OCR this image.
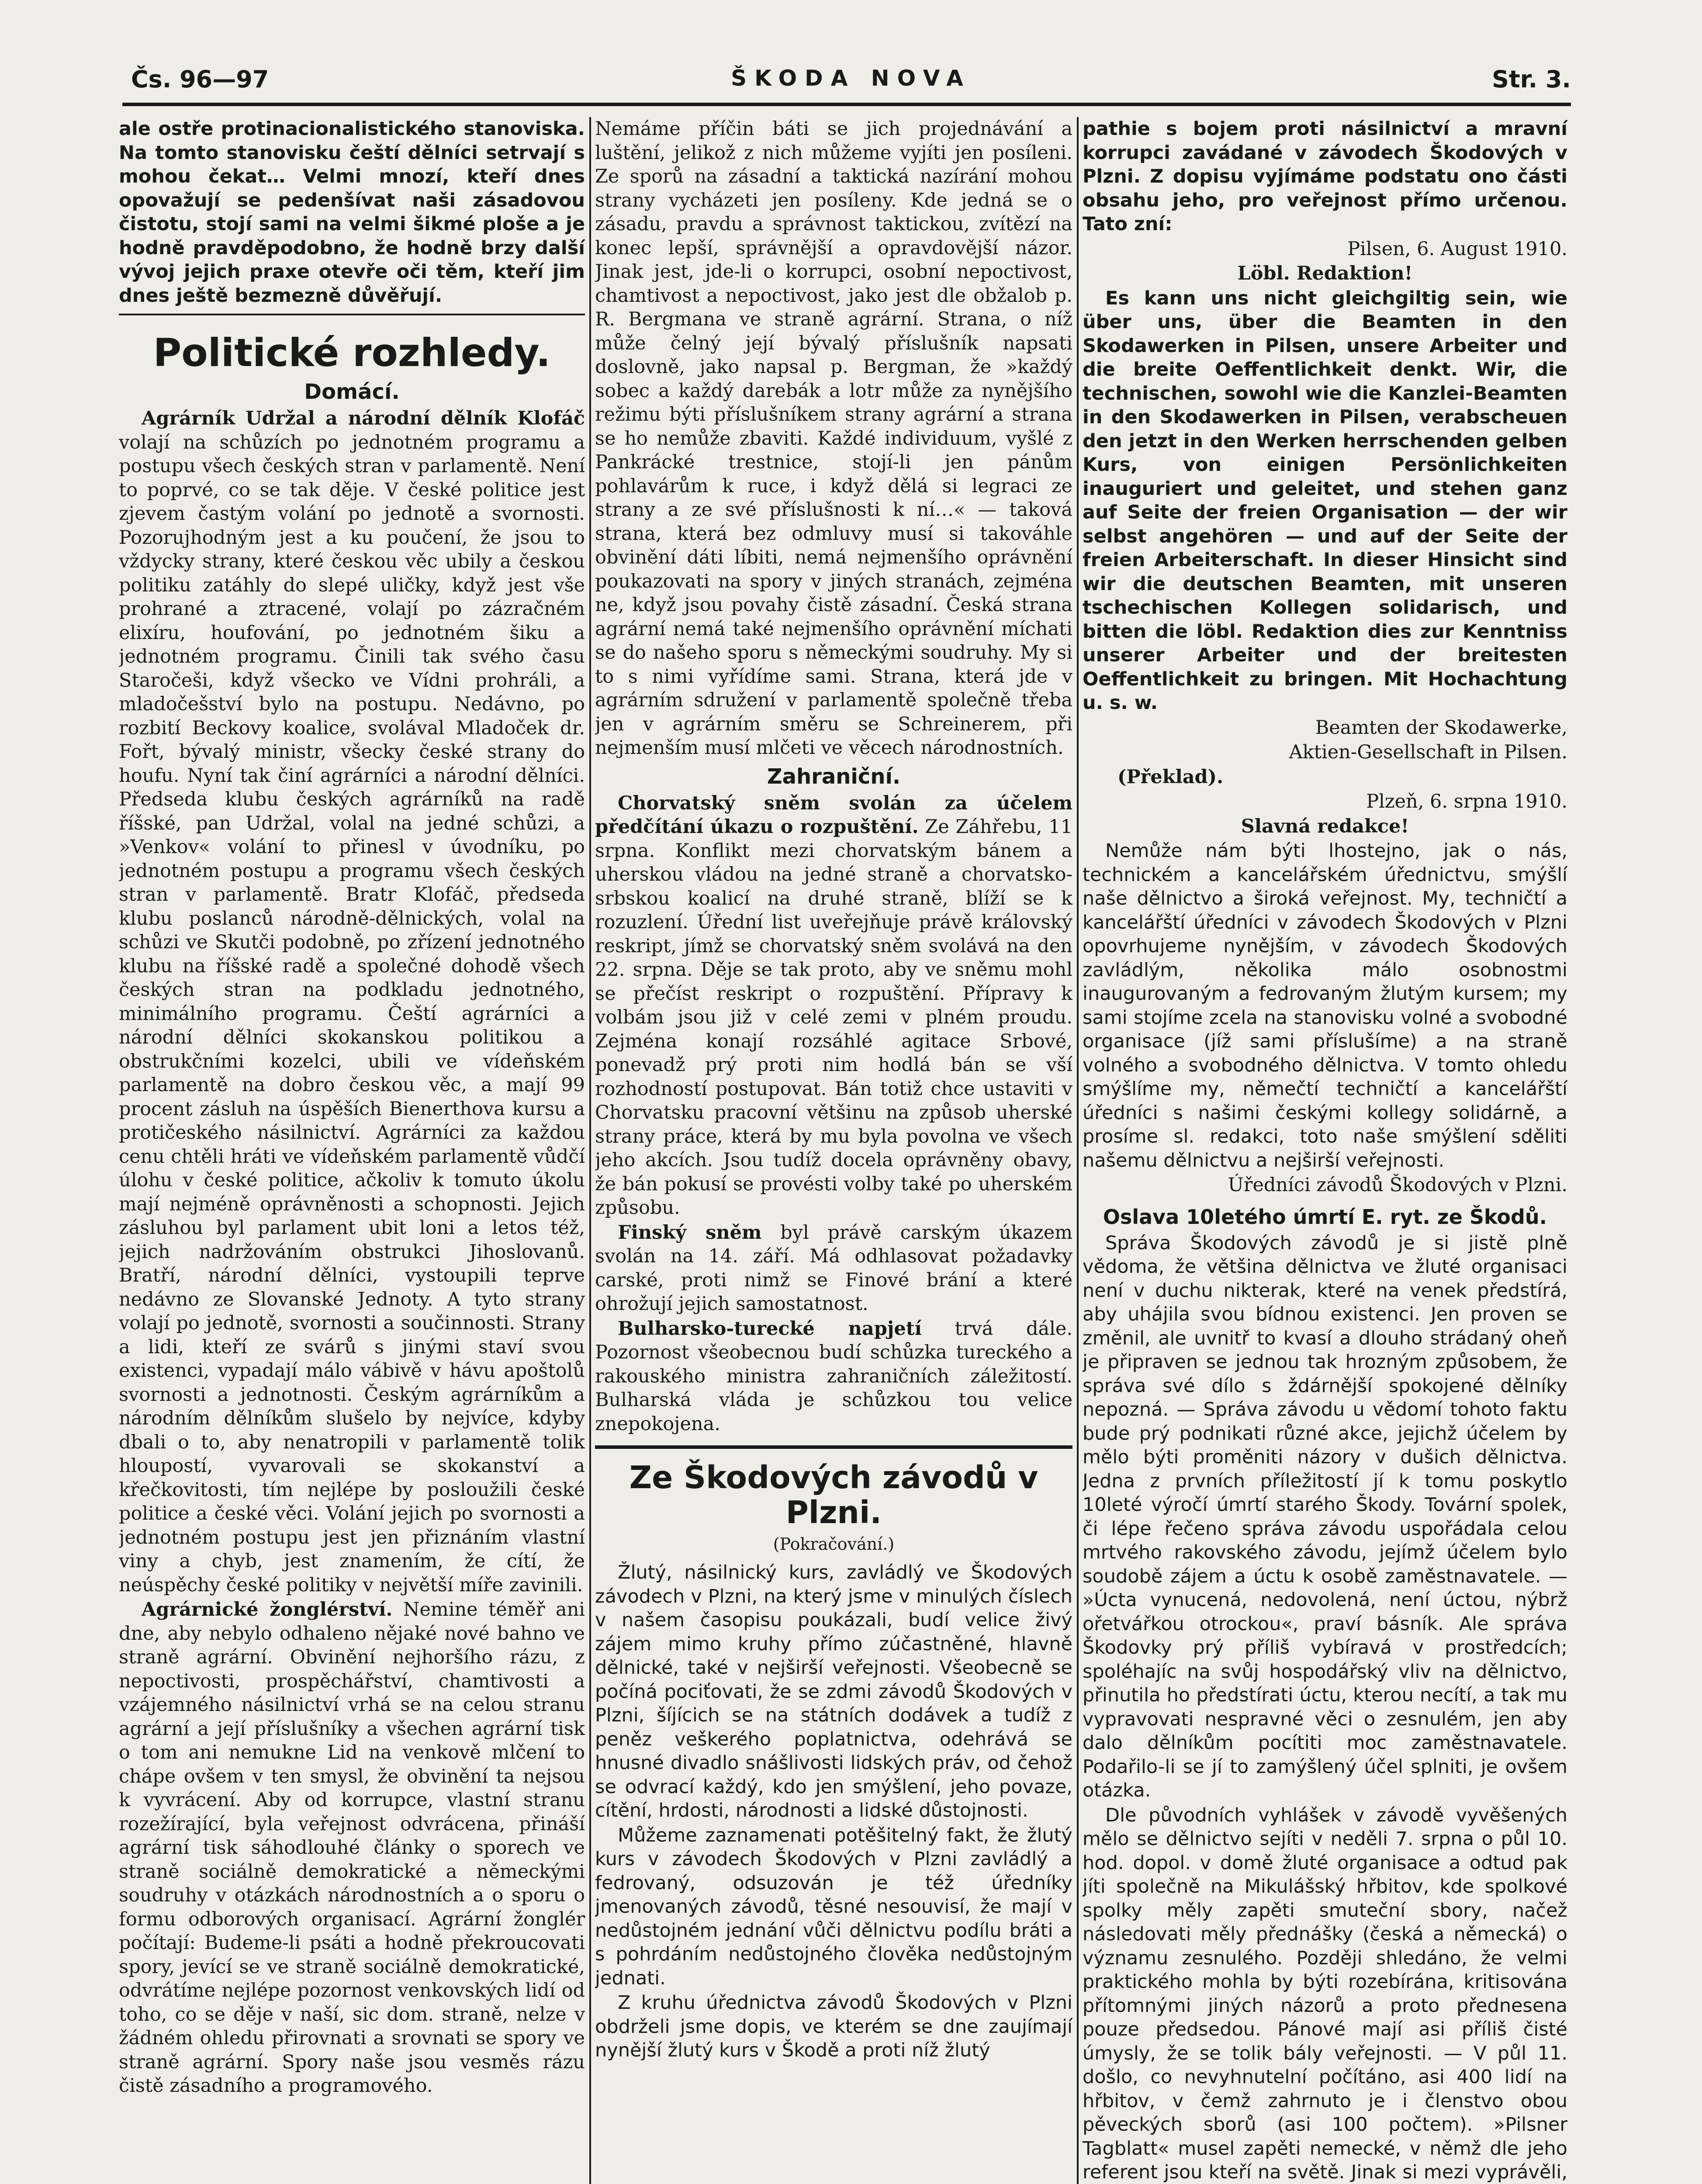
Čs. 96—97	ŠKODA NOVA	Str. 3.

ale ostře protinacionalistického stanoviska. Na tomto stanovisku čeští dělníci setrvají s mohou čekat… Velmi mnozí, kteří dnes opovažují se pedenšívat naši zásadovou čistotu, stojí sami na velmi šikmé ploše a je hodně pravděpodobno, že hodně brzy další vývoj jejich praxe otevře oči těm, kteří jim dnes ještě bezmezně důvěřují.

Politické rozhledy.
Domácí.

Agrárník Udržal a národní dělník Klofáč volají na schůzích po jednotném programu a postupu všech českých stran v parlamentě. Není to poprvé, co se tak děje. V české politice jest zjevem častým volání po jednotě a svornosti. Pozorujhodným jest a ku poučení, že jsou to vždycky strany, které českou věc ubily a českou politiku zatáhly do slepé uličky, když jest vše prohrané a ztracené, volají po zázračném elixíru, houfování, po jednotném šiku a jednotném programu. Činili tak svého času Staročeši, když všecko ve Vídni prohráli, a mladočešství bylo na postupu. Nedávno, po rozbití Beckovy koalice, svolával Mladoček dr. Fořt, bývalý ministr, všecky české strany do houfu. Nyní tak činí agrárníci a národní dělníci. Předseda klubu českých agrárníků na radě říšské, pan Udržal, volal na jedné schůzi, a »Venkov« volání to přinesl v úvodníku, po jednotném postupu a programu všech českých stran v parlamentě. Bratr Klofáč, předseda klubu poslanců národně-dělnických, volal na schůzi ve Skutči podobně, po zřízení jednotného klubu na říšské radě a společné dohodě všech českých stran na podkladu jednotného, minimálního programu. Čeští agrárníci a národní dělníci skokanskou politikou a obstrukčními kozelci, ubili ve vídeňském parlamentě na dobro českou věc, a mají 99 procent zásluh na úspěších Bienerthova kursu a protičeského násilnictví. Agrárníci za každou cenu chtěli hráti ve vídeňském parlamentě vůdčí úlohu v české politice, ačkoliv k tomuto úkolu mají nejméně oprávněnosti a schopnosti. Jejich zásluhou byl parlament ubit loni a letos též, jejich nadržováním obstrukci Jihoslovanů. Bratří, národní dělníci, vystoupili teprve nedávno ze Slovanské Jednoty. A tyto strany volají po jednotě, svornosti a součinnosti. Strany a lidi, kteří ze svárů s jinými staví svou existenci, vypadají málo vábivě v hávu apoštolů svornosti a jednotnosti. Českým agrárníkům a národním dělníkům slušelo by nejvíce, kdyby dbali o to, aby nenatropili v parlamentě tolik hloupostí, vyvarovali se skokanství a křečkovitosti, tím nejlépe by posloužili české politice a české věci. Volání jejich po svornosti a jednotném postupu jest jen přiznáním vlastní viny a chyb, jest znamením, že cítí, že neúspěchy české politiky v největší míře zavinili.

Agrárnické žonglérství. Nemine téměř ani dne, aby nebylo odhaleno nějaké nové bahno ve straně agrární. Obvinění nejhoršího rázu, z nepoctivosti, prospěchářství, chamtivosti a vzájemného násilnictví vrhá se na celou stranu agrární a její příslušníky a všechen agrární tisk o tom ani nemukne Lid na venkově mlčení to chápe ovšem v ten smysl, že obvinění ta nejsou k vyvrácení. Aby od korrupce, vlastní stranu rozežírající, byla veřejnost odvrácena, přináší agrární tisk sáhodlouhé články o sporech ve straně sociálně demokratické a německými soudruhy v otázkách národnostních a o sporu o formu odborových organisací. Agrární žonglér počítají: Budeme-li psáti a hodně překroucovati spory, jevící se ve straně sociálně demokratické, odvrátíme nejlépe pozornost venkovských lidí od toho, co se děje v naší, sic dom. straně, nelze v žádném ohledu přirovnati a srovnati se spory ve straně agrární. Spory naše jsou vesměs rázu čistě zásadního a programového.

Nemáme příčin báti se jich projednávání a luštění, jelikož z nich můžeme vyjíti jen posíleni. Ze sporů na zásadní a taktická nazírání mohou strany vycházeti jen posíleny. Kde jedná se o zásadu, pravdu a správnost taktickou, zvítězí na konec lepší, správnější a opravdovější názor. Jinak jest, jde-li o korrupci, osobní nepoctivost, chamtivost a nepoctivost, jako jest dle obžalob p. R. Bergmana ve straně agrární. Strana, o níž může čelný její bývalý příslušník napsati doslovně, jako napsal p. Bergman, že »každý sobec a každý darebák a lotr může za nynějšího režimu býti příslušníkem strany agrární a strana se ho nemůže zbaviti. Každé individuum, vyšlé z Pankrácké trestnice, stojí-li jen pánům pohlavárům k ruce, i když dělá si legraci ze strany a ze své příslušnosti k ní…« — taková strana, která bez odmluvy musí si takováhle obvinění dáti líbiti, nemá nejmenšího oprávnění poukazovati na spory v jiných stranách, zejména ne, když jsou povahy čistě zásadní. Česká strana agrární nemá také nejmenšího oprávnění míchati se do našeho sporu s německými soudruhy. My si to s nimi vyřídíme sami. Strana, která jde v agrárním sdružení v parlamentě společně třeba jen v agrárním směru se Schreinerem, při nejmenším musí mlčeti ve věcech národnostních.

Zahraniční.

Chorvatský sněm svolán za účelem předčítání úkazu o rozpuštění. Ze Záhřebu, 11 srpna. Konflikt mezi chorvatským bánem a uherskou vládou na jedné straně a chorvatsko-srbskou koalicí na druhé straně, blíží se k rozuzlení. Úřední list uveřejňuje právě královský reskript, jímž se chorvatský sněm svolává na den 22. srpna. Děje se tak proto, aby ve sněmu mohl se přečíst reskript o rozpuštění. Přípravy k volbám jsou již v celé zemi v plném proudu. Zejména konají rozsáhlé agitace Srbové, ponevadž prý proti nim hodlá bán se vší rozhodností postupovat. Bán totiž chce ustaviti v Chorvatsku pracovní většinu na způsob uherské strany práce, která by mu byla povolna ve všech jeho akcích. Jsou tudíž docela oprávněny obavy, že bán pokusí se provésti volby také po uherském způsobu.

Finský sněm byl právě carským úkazem svolán na 14. září. Má odhlasovat požadavky carské, proti nimž se Finové brání a které ohrožují jejich samostatnost.

Bulharsko-turecké napjetí trvá dále. Pozornost všeobecnou budí schůzka tureckého a rakouského ministra zahraničních záležitostí. Bulharská vláda je schůzkou tou velice znepokojena.

Ze Škodových závodů v Plzni.
(Pokračování.)

Žlutý, násilnický kurs, zavládlý ve Škodových závodech v Plzni, na který jsme v minulých číslech v našem časopisu poukázali, budí velice živý zájem mimo kruhy přímo zúčastněné, hlavně dělnické, také v nejširší veřejnosti. Všeobecně se počíná pociťovati, že se zdmi závodů Škodových v Plzni, šíjícich se na státních dodávek a tudíž z peněz veškerého poplatnictva, odehrává se hnusné divadlo snášlivosti lidských práv, od čehož se odvrací každý, kdo jen smýšlení, jeho povaze, cítění, hrdosti, národnosti a lidské důstojnosti.

Můžeme zaznamenati potěšitelný fakt, že žlutý kurs v závodech Škodových v Plzni zavládlý a fedrovaný, odsuzován je též úředníky jmenovaných závodů, těsné nesouvisí, že mají v nedůstojném jednání vůči dělnictvu podílu bráti a s pohrdáním nedůstojného člověka nedůstojným jednati.

Z kruhu úřednictva závodů Škodových v Plzni obdrželi jsme dopis, ve kterém se dne zaujímají nynější žlutý kurs v Škodě a proti níž žlutý

pathie s bojem proti násilnictví a mravní korrupci zavádané v závodech Škodových v Plzni. Z dopisu vyjímáme podstatu ono části obsahu jeho, pro veřejnost přímo určenou. Tato zní:

Pilsen, 6. August 1910.

Löbl. Redaktion!

Es kann uns nicht gleichgiltig sein, wie über uns, über die Beamten in den Skodawerken in Pilsen, unsere Arbeiter und die breite Oeffentlichkeit denkt. Wir, die technischen, sowohl wie die Kanzlei-Beamten in den Skodawerken in Pilsen, verabscheuen den jetzt in den Werken herrschenden gelben Kurs, von einigen Persönlichkeiten inauguriert und geleitet, und stehen ganz auf Seite der freien Organisation — der wir selbst angehören — und auf der Seite der freien Arbeiterschaft. In dieser Hinsicht sind wir die deutschen Beamten, mit unseren tschechischen Kollegen solidarisch, und bitten die löbl. Redaktion dies zur Kenntniss unserer Arbeiter und der breitesten Oeffentlichkeit zu bringen. Mit Hochachtung u. s. w.

Beamten der Skodawerke,

Aktien-Gesellschaft in Pilsen.

(Překlad).

Plzeň, 6. srpna 1910.

Slavná redakce!

Nemůže nám býti lhostejno, jak o nás, technickém a kancelářském úřednictvu, smýšlí naše dělnictvo a široká veřejnost. My, techničtí a kancelářští úředníci v závodech Škodových v Plzni opovrhujeme nynějším, v závodech Škodových zavládlým, několika málo osobnostmi inaugurovaným a fedrovaným žlutým kursem; my sami stojíme zcela na stanovisku volné a svobodné organisace (jíž sami příslušíme) a na straně volného a svobodného dělnictva. V tomto ohledu smýšlíme my, němečtí techničtí a kancelářští úředníci s našimi českými kollegy solidárně, a prosíme sl. redakci, toto naše smýšlení sděliti našemu dělnictvu a nejširší veřejnosti.

Úředníci závodů Škodových v Plzni.

Oslava 10letého úmrtí E. ryt. ze Škodů.

Správa Škodových závodů je si jistě plně vědoma, že většina dělnictva ve žluté organisaci není v duchu nikterak, které na venek předstírá, aby uhájila svou bídnou existenci. Jen proven se změnil, ale uvnitř to kvasí a dlouho strádaný oheň je připraven se jednou tak hrozným způsobem, že správa své dílo s ždárnější spokojené dělníky nepozná. — Správa závodu u vědomí tohoto faktu bude prý podnikati různé akce, jejichž účelem by mělo býti proměniti názory v dušich dělnictva. Jedna z prvních příležitostí jí k tomu poskytlo 10leté výročí úmrtí starého Škody. Tovární spolek, či lépe řečeno správa závodu uspořádala celou mrtvého rakovského závodu, jejímž účelem bylo soudobě zájem a úctu k osobě zaměstnavatele. — »Úcta vynucená, nedovolená, není úctou, nýbrž ořetvářkou otrockou«, praví básník. Ale správa Škodovky prý příliš vybíravá v prostředcích; spoléhajíc na svůj hospodářský vliv na dělnictvo, přinutila ho předstírati úctu, kterou necítí, a tak mu vypravovati nespravné věci o zesnulém, jen aby dalo dělníkům pocítiti moc zaměstnavatele. Podařilo-li se jí to zamýšlený účel splniti, je ovšem otázka.

Dle původních vyhlášek v závodě vyvěšených mělo se dělnictvo sejíti v neděli 7. srpna o půl 10. hod. dopol. v domě žluté organisace a odtud pak jíti společně na Mikulášský hřbitov, kde spolkové spolky měly zapěti smuteční sbory, načež následovati měly přednášky (česká a německá) o významu zesnulého. Později shledáno, že velmi praktického mohla by býti rozebírána, kritisována přítomnými jiných názorů a proto přednesena pouze předsedou. Pánové mají asi příliš čisté úmysly, že se tolik bály veřejnosti. — V půl 11. došlo, co nevyhnutelní počítáno, asi 400 lidí na hřbitov, v čemž zahrnuto je i členstvo obou pěveckých sborů (asi 100 počtem). »Pilsner Tagblatt« musel zapěti nemecké, v němž dle jeho referent jsou kteří na světě. Jinak si mezi vyprávěli,
